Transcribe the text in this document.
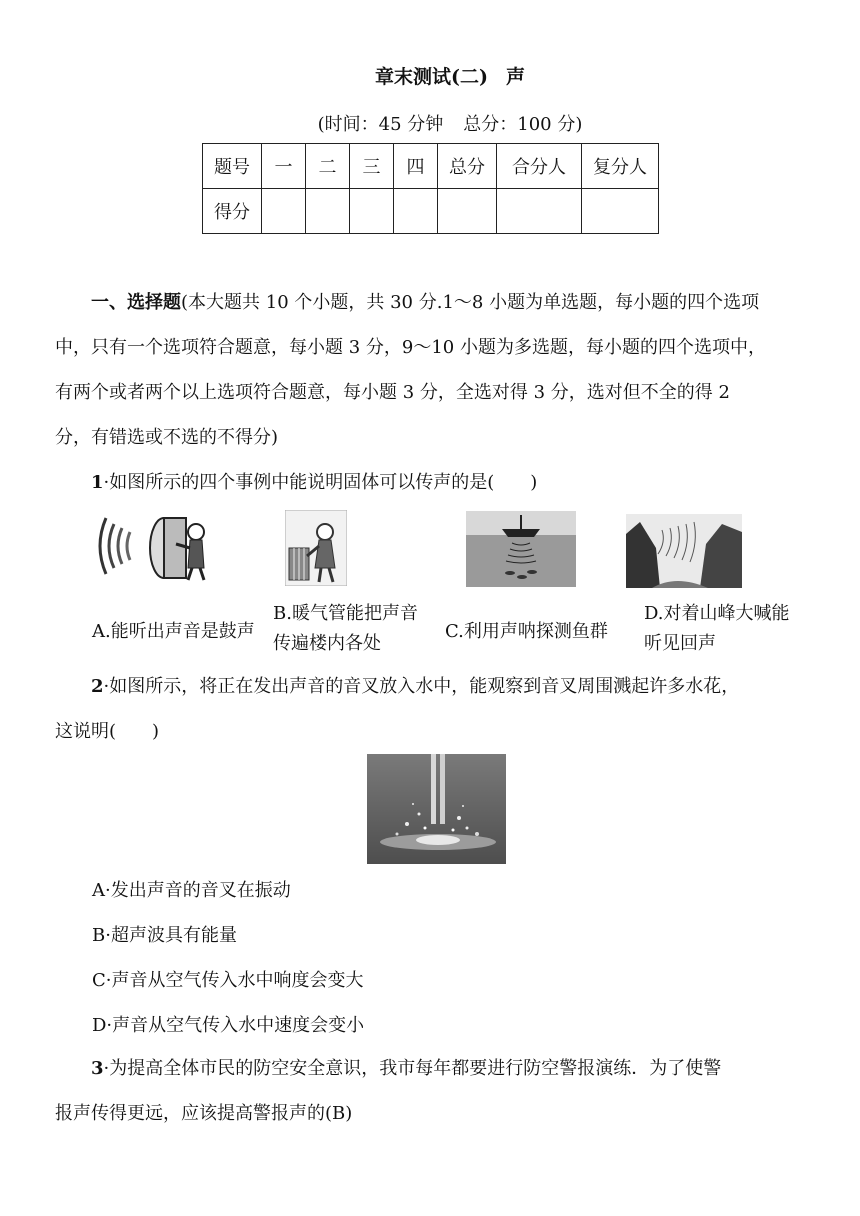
章末测试(二) 声
(时间：45 分钟 总分：100 分)
题号	一	二	三	四	总分	合分人	复分人
得分							
一、选择题(本大题共 10 个小题，共 30 分.1～8 小题为单选题，每小题的四个选项
中，只有一个选项符合题意，每小题 3 分，9～10 小题为多选题，每小题的四个选项中，
有两个或者两个以上选项符合题意，每小题 3 分，全选对得 3 分，选对但不全的得 2
分，有错选或不选的不得分)
1·如图所示的四个事例中能说明固体可以传声的是(　　)
A.能听出声音是鼓声
B.暖气管能把声音
传遍楼内各处
C.利用声呐探测鱼群
D.对着山峰大喊能
听见回声
2·如图所示，将正在发出声音的音叉放入水中，能观察到音叉周围溅起许多水花，
这说明(　　)
A·发出声音的音叉在振动
B·超声波具有能量
C·声音从空气传入水中响度会变大
D·声音从空气传入水中速度会变小
3·为提高全体市民的防空安全意识，我市每年都要进行防空警报演练．为了使警
报声传得更远，应该提高警报声的(B)
